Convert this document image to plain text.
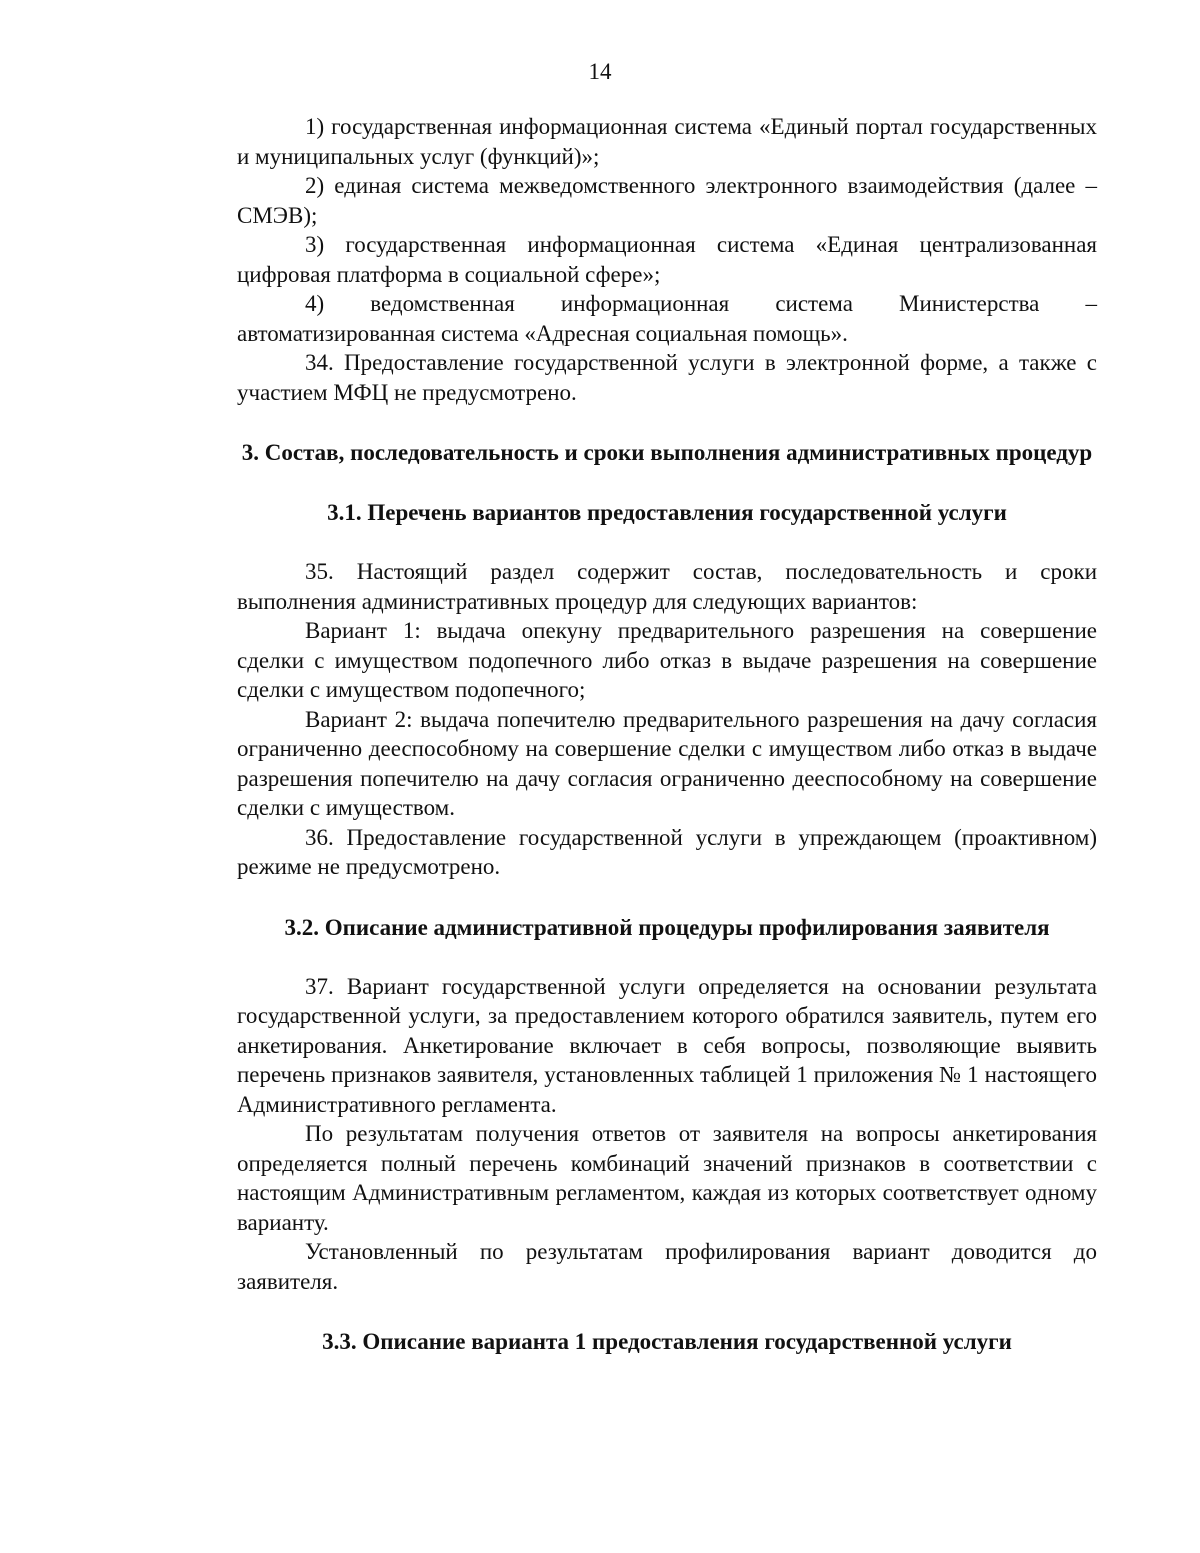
14

1) государственная информационная система «Единый портал государственных и муниципальных услуг (функций)»;

2) единая система межведомственного электронного взаимодействия (далее – СМЭВ);

3) государственная информационная система «Единая централизованная цифровая платформа в социальной сфере»;

4) ведомственная информационная система Министерства – автоматизированная система «Адресная социальная помощь».

34. Предоставление государственной услуги в электронной форме, а также с участием МФЦ не предусмотрено.

3. Состав, последовательность и сроки выполнения административных процедур
3.1. Перечень вариантов предоставления государственной услуги

35. Настоящий раздел содержит состав, последовательность и сроки выполнения административных процедур для следующих вариантов:

Вариант 1: выдача опекуну предварительного разрешения на совершение сделки с имуществом подопечного либо отказ в выдаче разрешения на совершение сделки с имуществом подопечного;

Вариант 2: выдача попечителю предварительного разрешения на дачу согласия ограниченно дееспособному на совершение сделки с имуществом либо отказ в выдаче разрешения попечителю на дачу согласия ограниченно дееспособному на совершение сделки с имуществом.

36. Предоставление государственной услуги в упреждающем (проактивном) режиме не предусмотрено.

3.2. Описание административной процедуры профилирования заявителя

37. Вариант государственной услуги определяется на основании результата государственной услуги, за предоставлением которого обратился заявитель, путем его анкетирования. Анкетирование включает в себя вопросы, позволяющие выявить перечень признаков заявителя, установленных таблицей 1 приложения № 1 настоящего Административного регламента.

По результатам получения ответов от заявителя на вопросы анкетирования определяется полный перечень комбинаций значений признаков в соответствии с настоящим Административным регламентом, каждая из которых соответствует одному варианту.

Установленный по результатам профилирования вариант доводится до заявителя.

3.3. Описание варианта 1 предоставления государственной услуги
